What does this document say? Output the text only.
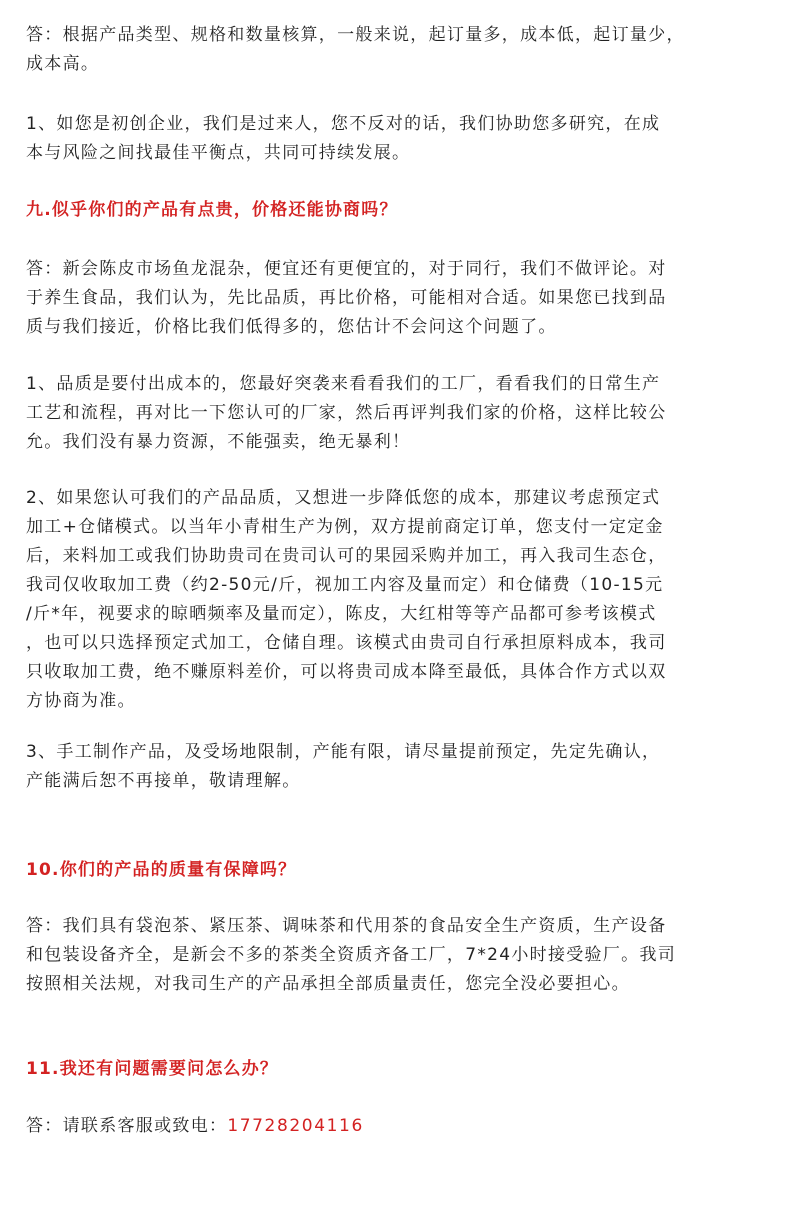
答：根据产品类型、规格和数量核算，一般来说，起订量多，成本低，起订量少，
成本高。
1、如您是初创企业，我们是过来人，您不反对的话，我们协助您多研究，在成
本与风险之间找最佳平衡点，共同可持续发展。
九.似乎你们的产品有点贵，价格还能协商吗？
答：新会陈皮市场鱼龙混杂，便宜还有更便宜的，对于同行，我们不做评论。对
于养生食品，我们认为，先比品质，再比价格，可能相对合适。如果您已找到品
质与我们接近，价格比我们低得多的，您估计不会问这个问题了。
1、品质是要付出成本的，您最好突袭来看看我们的工厂，看看我们的日常生产
工艺和流程，再对比一下您认可的厂家，然后再评判我们家的价格，这样比较公
允。我们没有暴力资源，不能强卖，绝无暴利！
2、如果您认可我们的产品品质，又想进一步降低您的成本，那建议考虑预定式
加工+仓储模式。以当年小青柑生产为例，双方提前商定订单，您支付一定定金
后，来料加工或我们协助贵司在贵司认可的果园采购并加工，再入我司生态仓，
我司仅收取加工费（约2-50元/斤，视加工内容及量而定）和仓储费（10-15元
/斤*年，视要求的晾晒频率及量而定），陈皮，大红柑等等产品都可参考该模式
，也可以只选择预定式加工，仓储自理。该模式由贵司自行承担原料成本，我司
只收取加工费，绝不赚原料差价，可以将贵司成本降至最低，具体合作方式以双
方协商为准。
3、手工制作产品，及受场地限制，产能有限，请尽量提前预定，先定先确认，
产能满后恕不再接单，敬请理解。
10.你们的产品的质量有保障吗？
答：我们具有袋泡茶、紧压茶、调味茶和代用茶的食品安全生产资质，生产设备
和包装设备齐全，是新会不多的茶类全资质齐备工厂，7*24小时接受验厂。我司
按照相关法规，对我司生产的产品承担全部质量责任，您完全没必要担心。
11.我还有问题需要问怎么办？
答：请联系客服或致电：17728204116
